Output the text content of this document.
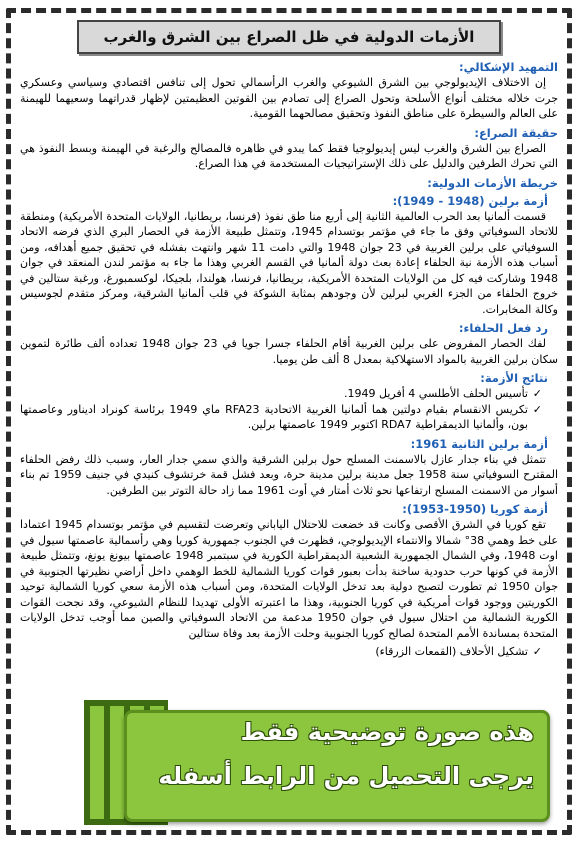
الأزمات الدولية في ظل الصراع بين الشرق والغرب
التمهيد الإشكالي:

إن الاختلاف الإيديولوجي بين الشرق الشيوعي والغرب الرأسمالي تحول إلى تنافس اقتصادي وسياسي وعسكري جرت خلاله مختلف أنواع الأسلحة وتحول الصراع إلى تصادم بين القوتين العظيمتين لإظهار قدراتهما وسعيهما للهيمنة على العالم والسيطرة على مناطق النفوذ وتحقيق مصالحهما القومية.

حقيقة الصراع:

الصراع بين الشرق والغرب ليس إيديولوجيا فقط كما يبدو في ظاهره فالمصالح والرغبة في الهيمنة وبسط النفوذ هي التي تحرك الطرفين والدليل على ذلك الإستراتيجيات المستخدمة في هذا الصراع.

خريطة الأزمات الدولية:
أزمة برلين (1948 - 1949):

قسمت ألمانيا بعد الحرب العالمية الثانية إلى أربع منا طق نفوذ (فرنسا، بريطانيا، الولايات المتحدة الأمريكية) ومنطقة للاتحاد السوفياتي وفق ما جاء في مؤتمر بوتسدام 1945، وتتمثل طبيعة الأزمة في الحصار البري الذي فرضه الاتحاد السوفياتي على برلين الغربية في 23 جوان 1948 والتي دامت 11 شهر وانتهت بفشله في تحقيق جميع أهدافه، ومن أسباب هذه الأزمة نية الحلفاء إعادة بعث دولة ألمانيا في القسم الغربي وهذا ما جاء به مؤتمر لندن المنعقد في جوان 1948 وشاركت فيه كل من الولايات المتحدة الأمريكية، بريطانيا، فرنسا، هولندا، بلجيكا، لوكسمبورغ، ورغبة ستالين في خروج الحلفاء من الجزء الغربي لبرلين لأن وجودهم بمثابة الشوكة في قلب ألمانيا الشرقية، ومركز متقدم لجوسيس وكالة المخابرات.

رد فعل الحلفاء:

لفك الحصار المفروض على برلين الغربية أقام الحلفاء جسرا جويا في 23 جوان 1948 تعداده ألف طائرة لتموين سكان برلين الغربية بالمواد الاستهلاكية بمعدل 8 ألف طن يوميا.

نتائج الأزمة:
✓
تأسيس الحلف الأطلسي 4 أفريل 1949.
✓
تكريس الانقسام بقيام دولتين هما ألمانيا الغربية الاتحادية RFA23 ماي 1949 برئاسة كونراد اديناور وعاصمتها بون، وألمانيا الديمقراطية RDA7 اكتوبر 1949 عاصمتها برلين.
أزمة برلين الثانية 1961:

تتمثل في بناء جدار عازل بالاسمنت المسلح حول برلين الشرقية والذي سمي جدار العار، وسبب ذلك رفض الحلفاء المقترح السوفياتي سنة 1958 جعل مدينة برلين مدينة حرة، وبعد فشل قمة خرتشوف كنيدي في جنيف 1959 تم بناء أسوار من الاسمنت المسلح ارتفاعها نحو ثلاث أمتار في أوت 1961 مما زاد حالة التوتر بين الطرفين.

أزمة كوريا (1950-1953):

تقع كوريا في الشرق الأقصى وكانت قد خضعت للاحتلال الياباني وتعرضت لتقسيم في مؤتمر بوتسدام 1945 اعتمادا على خط وهمي 38° شمالا والانتماء الإيديولوجي، فظهرت في الجنوب جمهورية كوريا وهي رأسمالية عاصمتها سيول في اوت 1948، وفي الشمال الجمهورية الشعبية الديمقراطية الكورية في سبتمبر 1948 عاصمتها بيونغ يونغ، وتتمثل طبيعة الأزمة في كونها حرب حدودية ساخنة بدأت بعبور قوات كوريا الشمالية للخط الوهمي داخل أراضي نظيرتها الجنوبية في جوان 1950 ثم تطورت لتصبح دولية بعد تدخل الولايات المتحدة، ومن أسباب هذه الأزمة سعي كوريا الشمالية توحيد الكوريتين ووجود قوات أمريكية في كوريا الجنوبية، وهذا ما اعتبرته الأولى تهديدا للنظام الشيوعي، وقد نجحت القوات الكورية الشمالية من احتلال سيول في جوان 1950 مدعمة من الاتحاد السوفياتي والصين مما أوجب تدخل الولايات المتحدة بمساندة الأمم المتحدة لصالح كوريا الجنوبية وحلت الأزمة بعد وفاة ستالين

✓
تشكيل الأحلاف (القمعات الزرقاء)
هذه صورة توضيحية فقط
يرجى التحميل من الرابط أسفله
